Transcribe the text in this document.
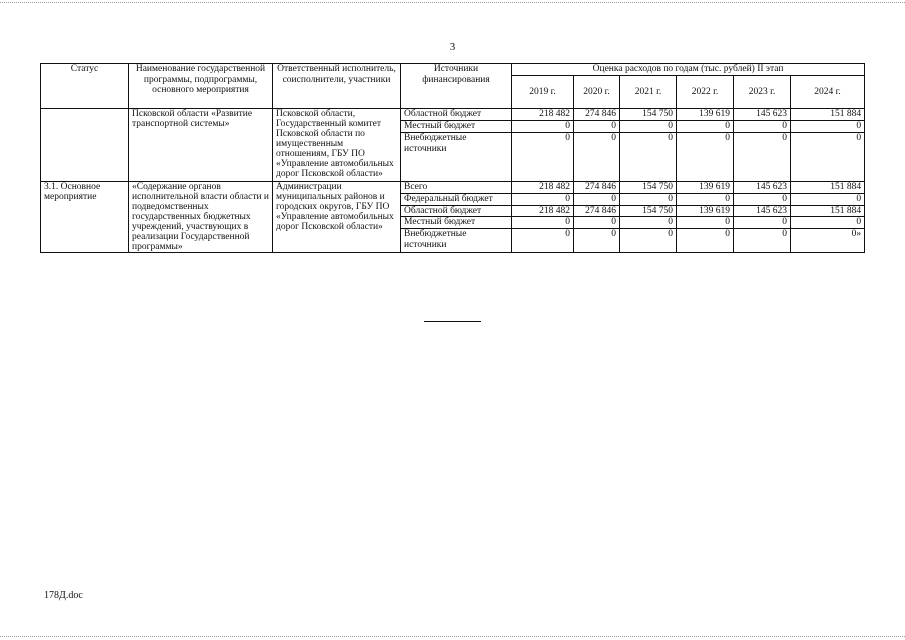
3
Статус	Наименование государственной программы, подпрограммы, основного мероприятия	Ответственный исполнитель, соисполнители, участники	Источники финансирования	Оценка расходов по годам (тыс. рублей) II этап					
				2019 г.	2020 г.	2021 г.	2022 г.	2023 г.	2024 г.
	Псковской области «Развитие транспортной системы»	Псковской области, Государственный комитет Псковской области по имущественным отношениям, ГБУ ПО «Управление автомобильных дорог Псковской области»	Областной бюджет	218 482	274 846	154 750	139 619	145 623	151 884
			Местный бюджет	0	0	0	0	0	0
			Внебюджетные источники	0	0	0	0	0	0
3.1. Основное мероприятие	«Содержание органов исполнительной власти области и подведомственных государственных бюджетных учреждений, участвующих в реализации Государственной программы»	Администрации муниципальных районов и городских округов, ГБУ ПО «Управление автомобильных дорог Псковской области»	Всего	218 482	274 846	154 750	139 619	145 623	151 884
			Федеральный бюджет	0	0	0	0	0	0
			Областной бюджет	218 482	274 846	154 750	139 619	145 623	151 884
			Местный бюджет	0	0	0	0	0	0
			Внебюджетные источники	0	0	0	0	0	0»
178Д.doc
